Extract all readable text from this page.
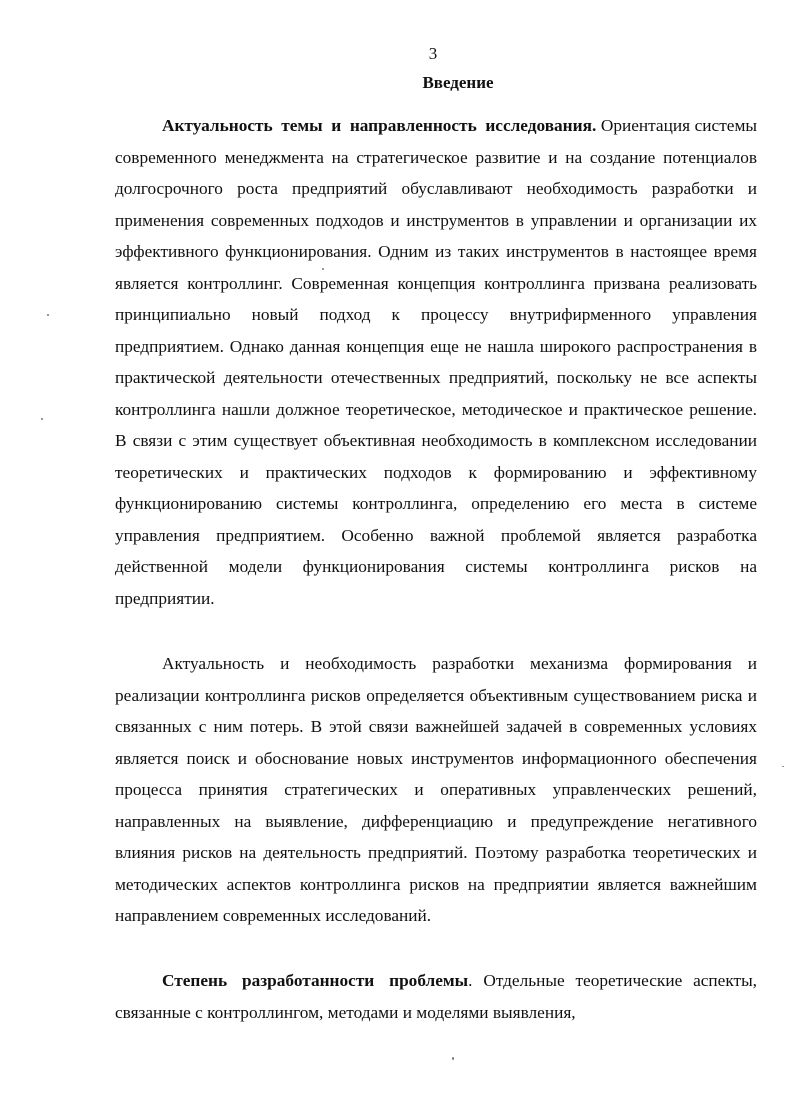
3
Введение

Актуальность темы и направленность исследования. Ориентация системы современного менеджмента на стратегическое развитие и на создание потенциалов долгосрочного роста предприятий обуславливают необходимость разработки и применения современных подходов и инструментов в управлении и организации их эффективного функционирования. Одним из таких инструментов в настоящее время является контроллинг. Современная концепция контроллинга призвана реализовать принципиально новый подход к процессу внутрифирменного управления предприятием. Однако данная концепция еще не нашла широкого распространения в практической деятельности отечественных предприятий, поскольку не все аспекты контроллинга нашли должное теоретическое, методическое и практическое решение. В связи с этим существует объективная необходимость в комплексном исследовании теоретических и практических подходов к формированию и эффективному функционированию системы контроллинга, определению его места в системе управления предприятием. Особенно важной проблемой является разработка действенной модели функционирования системы контроллинга рисков на предприятии.

Актуальность и необходимость разработки механизма формирования и реализации контроллинга рисков определяется объективным существованием риска и связанных с ним потерь. В этой связи важнейшей задачей в современных условиях является поиск и обоснование новых инструментов информационного обеспечения процесса принятия стратегических и оперативных управленческих решений, направленных на выявление, дифференциацию и предупреждение негативного влияния рисков на деятельность предприятий. Поэтому разработка теоретических и методических аспектов контроллинга рисков на предприятии является важнейшим направлением современных исследований.

Степень разработанности проблемы. Отдельные теоретические аспекты, связанные с контроллингом, методами и моделями выявления,
